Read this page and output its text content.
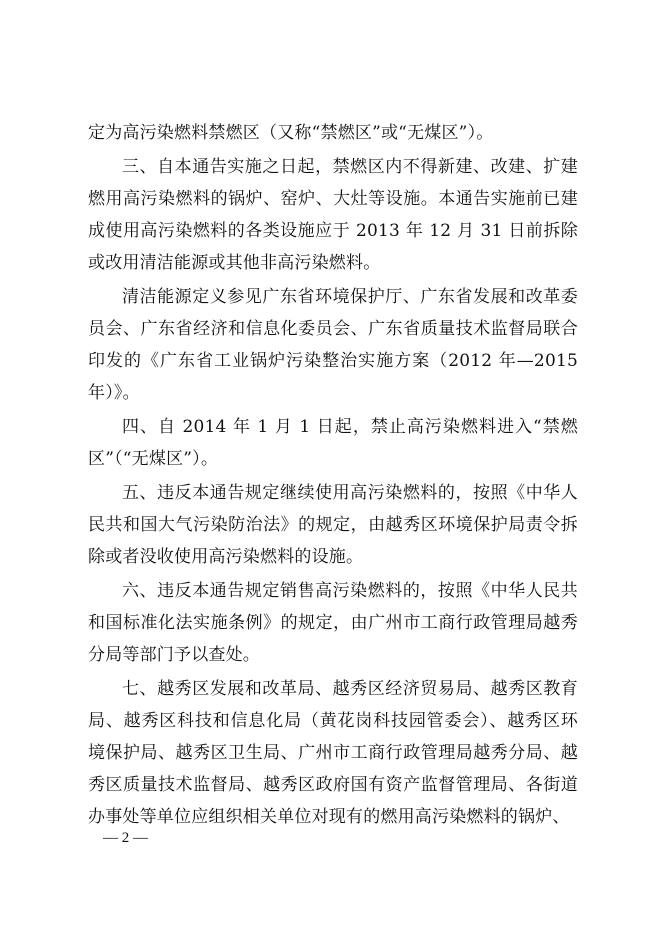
定为高污染燃料禁燃区（又称“禁燃区”或“无煤区”）。

三、自本通告实施之日起，禁燃区内不得新建、改建、扩建燃用高污染燃料的锅炉、窑炉、大灶等设施。本通告实施前已建成使用高污染燃料的各类设施应于 2013 年 12 月 31 日前拆除或改用清洁能源或其他非高污染燃料。

清洁能源定义参见广东省环境保护厅、广东省发展和改革委员会、广东省经济和信息化委员会、广东省质量技术监督局联合印发的《广东省工业锅炉污染整治实施方案（2012 年—2015 年）》。

四、自 2014 年 1 月 1 日起，禁止高污染燃料进入“禁燃区”（“无煤区”）。

五、违反本通告规定继续使用高污染燃料的，按照《中华人民共和国大气污染防治法》的规定，由越秀区环境保护局责令拆除或者没收使用高污染燃料的设施。

六、违反本通告规定销售高污染燃料的，按照《中华人民共和国标准化法实施条例》的规定，由广州市工商行政管理局越秀分局等部门予以查处。

七、越秀区发展和改革局、越秀区经济贸易局、越秀区教育局、越秀区科技和信息化局（黄花岗科技园管委会）、越秀区环境保护局、越秀区卫生局、广州市工商行政管理局越秀分局、越秀区质量技术监督局、越秀区政府国有资产监督管理局、各街道办事处等单位应组织相关单位对现有的燃用高污染燃料的锅炉、

— 2 —
